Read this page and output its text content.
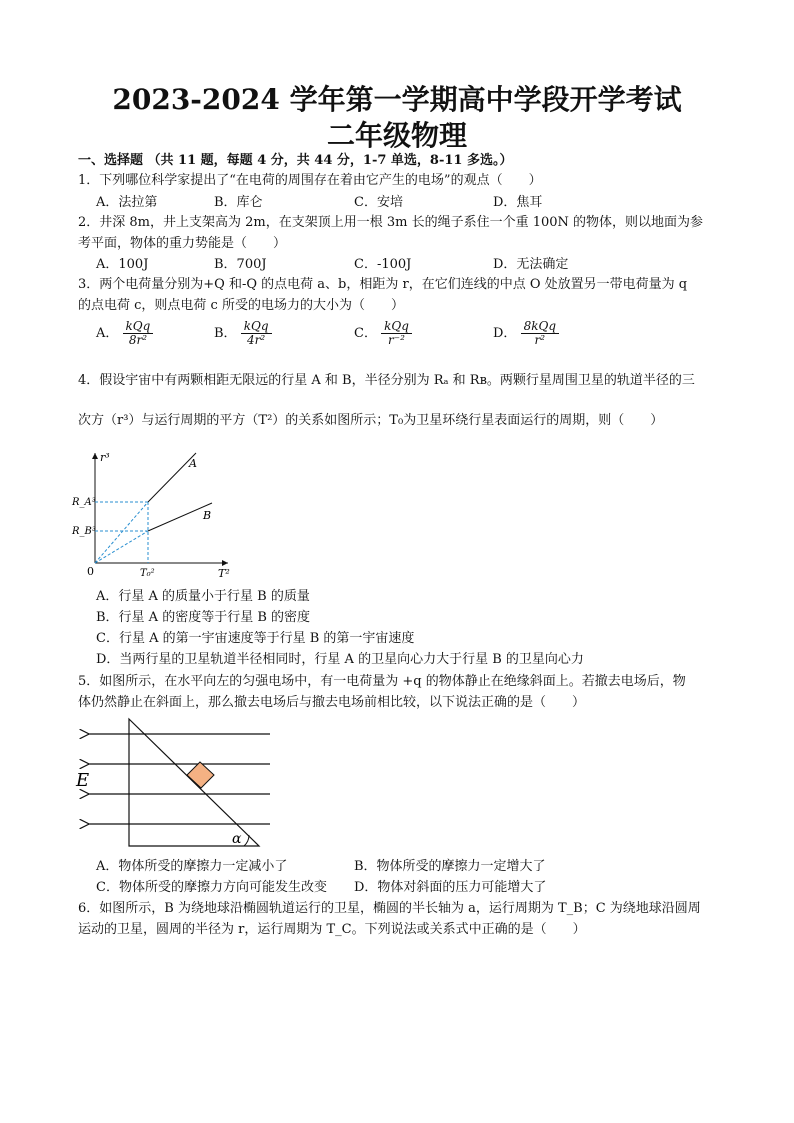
2023-2024 学年第一学期高中学段开学考试
二年级物理
一、选择题 （共 11 题，每题 4 分，共 44 分，1-7 单选，8-11 多选。）
1．下列哪位科学家提出了“在电荷的周围存在着由它产生的电场”的观点（　　）
A．法拉第	B．库仑	C．安培	D．焦耳
2．井深 8m，井上支架高为 2m，在支架顶上用一根 3m 长的绳子系住一个重 100N 的物体，则以地面为参
考平面，物体的重力势能是（　　）
A．100J	B．700J	C．-100J	D．无法确定
3．两个电荷量分别为+Q 和-Q 的点电荷 a、b，相距为 r，在它们连线的中点 O 处放置另一带电荷量为 q
的点电荷 c，则点电荷 c 所受的电场力的大小为（　　）
A． $\frac{\text{kQq}}{\text{8r²}}$	B． $\frac{\text{kQq}}{\text{4r²}}$	C． $\frac{\text{kQq}}{\text{r⁻²}}$	D． $\frac{\text{8kQq}}{\text{r²}}$
4．假设宇宙中有两颗相距无限远的行星 A 和 B，半径分别为 Rₐ 和 Rʙ。两颗行星周围卫星的轨道半径的三
次方（r³）与运行周期的平方（T²）的关系如图所示；T₀为卫星环绕行星表面运行的周期，则（　　）
r³
T²
0
R_A³
R_B³
T₀²
A
B
A．行星 A 的质量小于行星 B 的质量
B．行星 A 的密度等于行星 B 的密度
C．行星 A 的第一宇宙速度等于行星 B 的第一宇宙速度
D．当两行星的卫星轨道半径相同时，行星 A 的卫星向心力大于行星 B 的卫星向心力
5．如图所示，在水平向左的匀强电场中，有一电荷量为 +q 的物体静止在绝缘斜面上。若撤去电场后，物
体仍然静止在斜面上，那么撤去电场后与撤去电场前相比较，以下说法正确的是（　　）
E
α
A．物体所受的摩擦力一定减小了	B．物体所受的摩擦力一定增大了
C．物体所受的摩擦力方向可能发生改变 D．物体对斜面的压力可能增大了
6．如图所示，B 为绕地球沿椭圆轨道运行的卫星，椭圆的半长轴为 a，运行周期为 T_B；C 为绕地球沿圆周
运动的卫星，圆周的半径为 r，运行周期为 T_C。下列说法或关系式中正确的是（　　）
